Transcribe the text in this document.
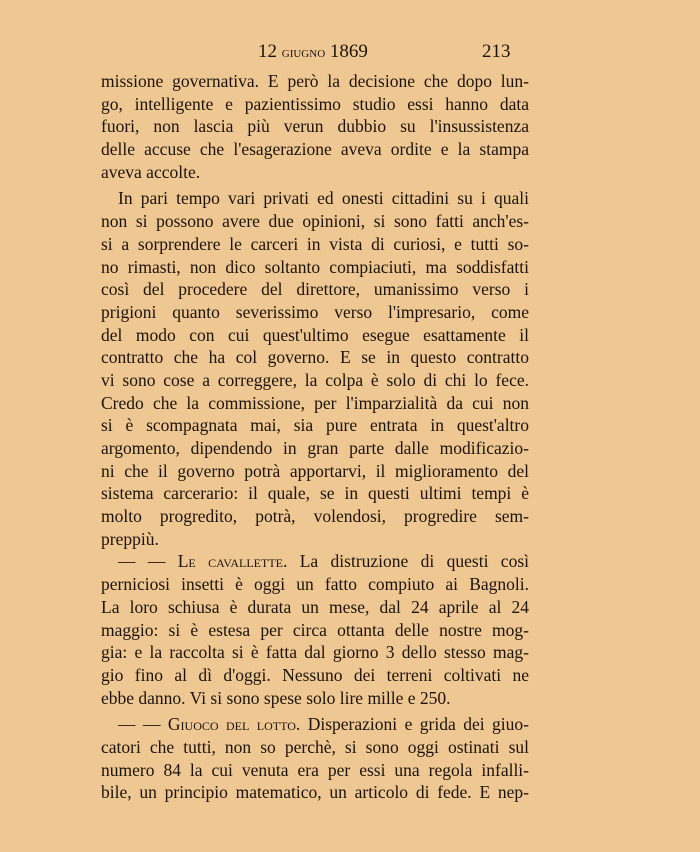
12 giugno 1869	213
missione governativa. E però la decisione che dopo lun-
go, intelligente e pazientissimo studio essi hanno data
fuori, non lascia più verun dubbio su l'insussistenza
delle accuse che l'esagerazione aveva ordite e la stampa
aveva accolte.
In pari tempo vari privati ed onesti cittadini su i quali
non si possono avere due opinioni, si sono fatti anch'es-
si a sorprendere le carceri in vista di curiosi, e tutti so-
no rimasti, non dico soltanto compiaciuti, ma soddisfatti
così del procedere del direttore, umanissimo verso i
prigioni quanto severissimo verso l'impresario, come
del modo con cui quest'ultimo esegue esattamente il
contratto che ha col governo. E se in questo contratto
vi sono cose a correggere, la colpa è solo di chi lo fece.
Credo che la commissione, per l'imparzialità da cui non
si è scompagnata mai, sia pure entrata in quest'altro
argomento, dipendendo in gran parte dalle modificazio-
ni che il governo potrà apportarvi, il miglioramento del
sistema carcerario: il quale, se in questi ultimi tempi è
molto progredito, potrà, volendosi, progredire sem-
preppiù.
— — Le cavallette. La distruzione di questi così
perniciosi insetti è oggi un fatto compiuto ai Bagnoli.
La loro schiusa è durata un mese, dal 24 aprile al 24
maggio: si è estesa per circa ottanta delle nostre mog-
gia: e la raccolta si è fatta dal giorno 3 dello stesso mag-
gio fino al dì d'oggi. Nessuno dei terreni coltivati ne
ebbe danno. Vi si sono spese solo lire mille e 250.
— — Giuoco del lotto. Disperazioni e grida dei giuo-
catori che tutti, non so perchè, si sono oggi ostinati sul
numero 84 la cui venuta era per essi una regola infalli-
bile, un principio matematico, un articolo di fede. E nep-
